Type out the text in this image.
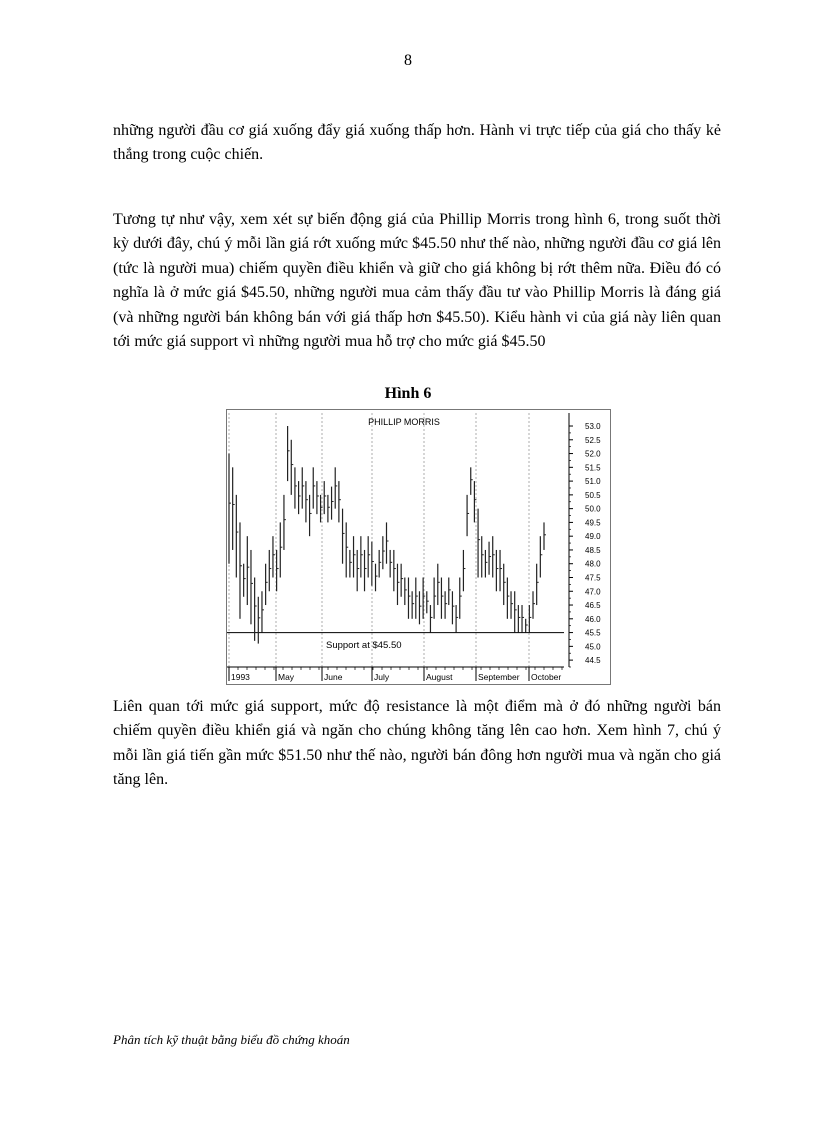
8

những người đầu cơ giá xuống đẩy giá xuống thấp hơn. Hành vi trực tiếp của giá cho thấy kẻ thắng trong cuộc chiến.

Tương tự như vậy, xem xét sự biến động giá của Phillip Morris trong hình 6, trong suốt thời kỳ dưới đây, chú ý mỗi lần giá rớt xuống mức $45.50 như thế nào, những người đầu cơ giá lên (tức là người mua) chiếm quyền điều khiển và giữ cho giá không bị rớt thêm nữa. Điều đó có nghĩa là ở mức giá $45.50, những người mua cảm thấy đầu tư vào Phillip Morris là đáng giá (và những người bán không bán với giá thấp hơn $45.50). Kiểu hành vi của giá này liên quan tới mức giá support vì những người mua hỗ trợ cho mức giá $45.50

Hình 6
1993	May	June	July	August	September October
53.0
52.5
52.0
51.5
51.0
50.5
50.0
49.5
49.0
48.5
48.0
47.5
47.0
46.5
46.0
45.5
45.0
44.5
PHILLIP MORRIS
Support at $45.50

Liên quan tới mức giá support, mức độ resistance là một điểm mà ở đó những người bán chiếm quyền điều khiển giá và ngăn cho chúng không tăng lên cao hơn. Xem hình 7, chú ý mỗi lần giá tiến gần mức $51.50 như thế nào, người bán đông hơn người mua và ngăn cho giá tăng lên.

Phân tích kỹ thuật bằng biểu đồ chứng khoán
